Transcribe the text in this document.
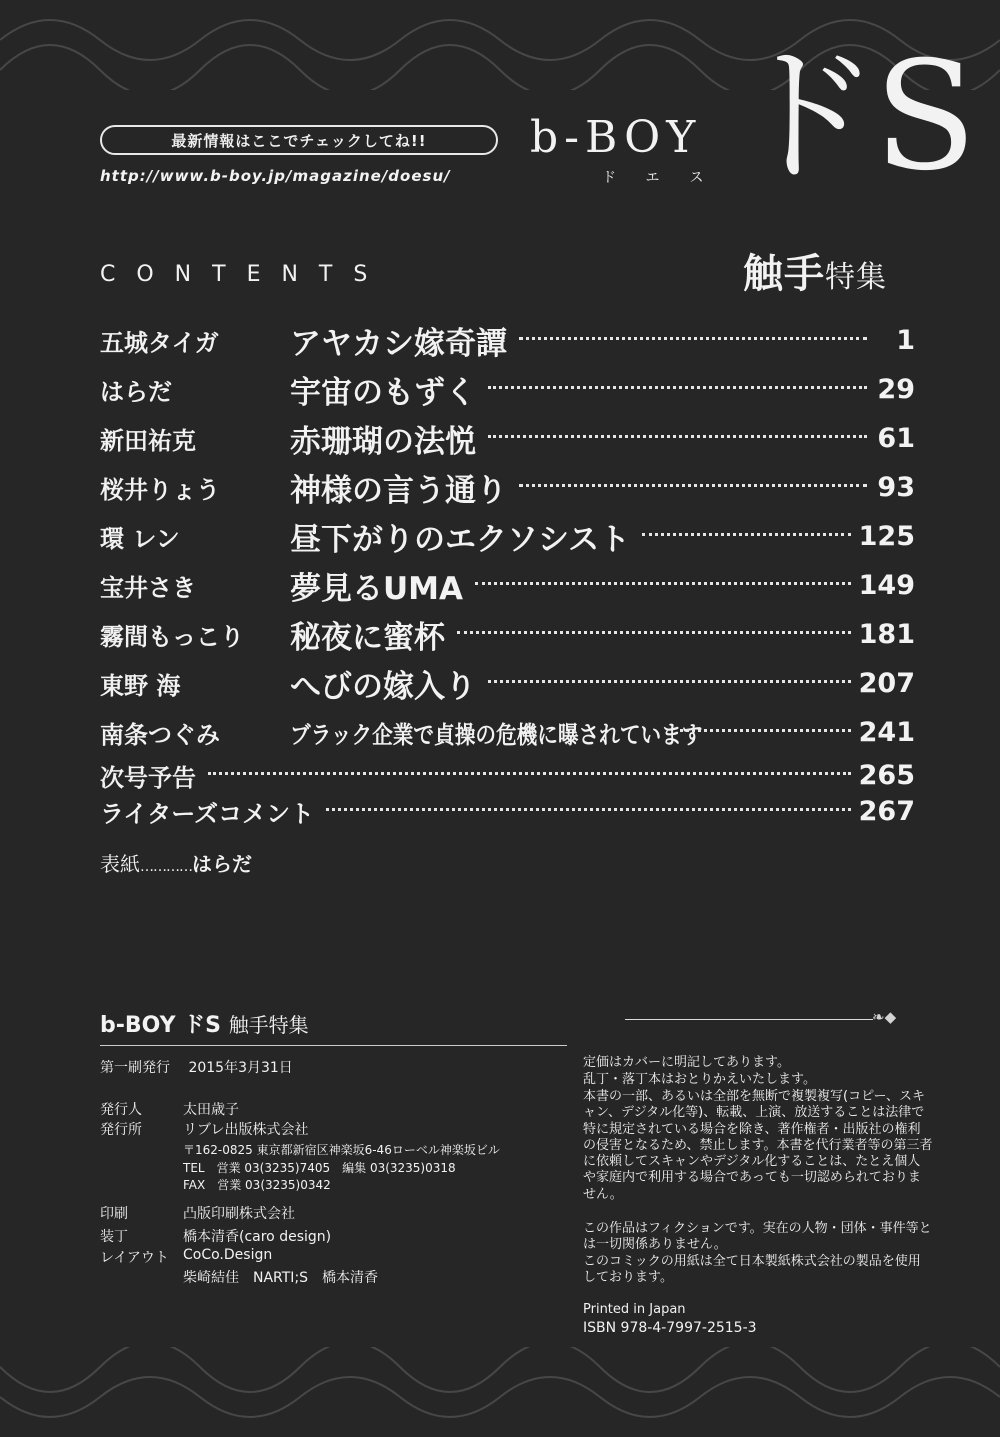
最新情報はここでチェックしてね!!
http://www.b-boy.jp/magazine/doesu/
b-BOY ドS
ドエス
CONTENTS	触手特集
五城タイガ	アヤカシ嫁奇譚	1
はらだ	宇宙のもずく	29
新田祐克	赤珊瑚の法悦	61
桜井りょう	神様の言う通り	93
環 レン	昼下がりのエクソシスト	125
宝井さき	夢見るUMA	149
霧間もっこり	秘夜に蜜杯	181
東野 海	へびの嫁入り	207
南条つぐみ	ブラック企業で貞操の危機に曝されています	241
次号予告	265
ライターズコメント	267
表紙…………はらだ
b-BOY ドS 触手特集	❧◆
第一刷発行 2015年3月31日
発行人	太田歳子
発行所	リブレ出版株式会社
〒162-0825 東京都新宿区神楽坂6-46ローベル神楽坂ビル
TEL　営業 03(3235)7405　編集 03(3235)0318
FAX　営業 03(3235)0342
印刷	凸版印刷株式会社
装丁	橋本清香(caro design)
レイアウト CoCo.Design
柴崎結佳　NARTI;S　橋本清香
定価はカバーに明記してあります。
乱丁・落丁本はおとりかえいたします。
本書の一部、あるいは全部を無断で複製複写(コピー、スキャン、デジタル化等)、転載、上演、放送することは法律で特に規定されている場合を除き、著作権者・出版社の権利の侵害となるため、禁止します。本書を代行業者等の第三者に依頼してスキャンやデジタル化することは、たとえ個人や家庭内で利用する場合であっても一切認められておりません。
この作品はフィクションです。実在の人物・団体・事件等とは一切関係ありません。
このコミックの用紙は全て日本製紙株式会社の製品を使用しております。
Printed in Japan
ISBN 978-4-7997-2515-3
